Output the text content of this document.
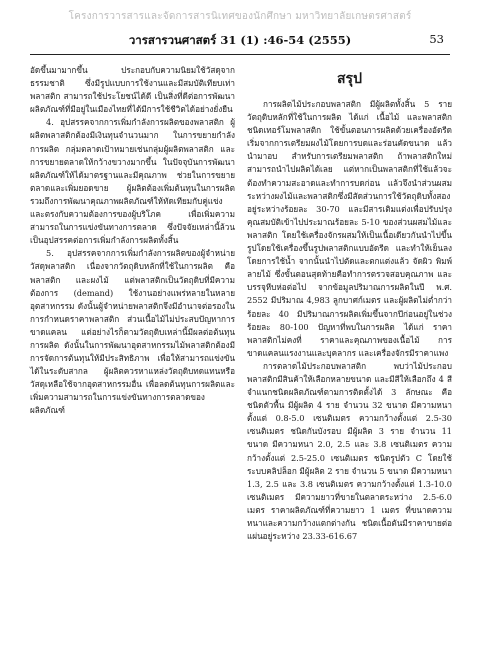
โครงการวารสารและจัดการสารนิเทศของนักศึกษา มหาวิทยาลัยเกษตรศาสตร์
วารสารวนศาสตร์ 31 (1) :46-54 (2555)	53

อัดขึ้นมามากขึ้น ประกอบกับความนิยมใช้วัสดุจากธรรมชาติ ซึ่งมีรูปแบบการใช้งานและมีสมบัติเทียบเท่าพลาสติก สามารถใช้ประโยชน์ได้ดี เป็นสิ่งที่ดีต่อการพัฒนาผลิตภัณฑ์ที่มีอยู่ในเมืองไทยที่ได้มีการใช้ชีวิตได้อย่างยั่งยืน

4. อุปสรรคจากการเพิ่มกำลังการผลิตของพลาสติก ผู้ผลิตพลาสติกต้องมีเงินทุนจำนวนมาก ในการขยายกำลังการผลิต กลุ่มตลาดเป้าหมายเช่นกลุ่มผู้ผลิตพลาสติก และการขยายตลาดให้กว้างขวางมากขึ้น ในปัจจุบันการพัฒนาผลิตภัณฑ์ให้ได้มาตรฐานและมีคุณภาพ ช่วยในการขยายตลาดและเพิ่มยอดขาย ผู้ผลิตต้องเพิ่มต้นทุนในการผลิต รวมถึงการพัฒนาคุณภาพผลิตภัณฑ์ให้ทัดเทียมกับคู่แข่งและตรงกับความต้องการของผู้บริโภค เพื่อเพิ่มความสามารถในการแข่งขันทางการตลาด ซึ่งปัจจัยเหล่านี้ล้วนเป็นอุปสรรคต่อการเพิ่มกำลังการผลิตทั้งสิ้น

5. อุปสรรคจากการเพิ่มกำลังการผลิตของผู้จำหน่ายวัสดุพลาสติก เนื่องจากวัตถุดิบหลักที่ใช้ในการผลิต คือ พลาสติก และผงไม้ แต่พลาสติกเป็นวัตถุดิบที่มีความต้องการ (demand) ใช้งานอย่างแพร่หลายในหลายอุตสาหกรรม ดังนั้นผู้จำหน่ายพลาสติกจึงมีอำนาจต่อรองในการกำหนดราคาพลาสติก ส่วนเนื้อไม้ไม่ประสบปัญหาการขาดแคลน แต่อย่างไรก็ตามวัตถุดิบเหล่านี้มีผลต่อต้นทุนการผลิต ดังนั้นในการพัฒนาอุตสาหกรรมไม้พลาสติกต้องมีการจัดการต้นทุนให้มีประสิทธิภาพ เพื่อให้สามารถแข่งขันได้ในระดับสากล ผู้ผลิตควรหาแหล่งวัตถุดิบทดแทนหรือวัสดุเหลือใช้จากอุตสาหกรรมอื่น เพื่อลดต้นทุนการผลิตและเพิ่มความสามารถในการแข่งขันทางการตลาดของผลิตภัณฑ์

สรุป

การผลิตไม้ประกอบพลาสติก มีผู้ผลิตทั้งสิ้น 5 ราย วัตถุดิบหลักที่ใช้ในการผลิต ได้แก่ เนื้อไม้ และพลาสติกชนิดเทอร์โมพลาสติก ใช้ขั้นตอนการผลิตด้วยเครื่องอัดรีด เริ่มจากการเตรียมผงไม้โดยการบดและร่อนคัดขนาด แล้วนำมาอบ สำหรับการเตรียมพลาสติก ถ้าพลาสติกใหม่สามารถนำไปผลิตได้เลย แต่หากเป็นพลาสติกที่ใช้แล้วจะต้องทำความสะอาดและทำการบดก่อน แล้วจึงนำส่วนผสมระหว่างผงไม้และพลาสติกซึ่งมีสัดส่วนการใช้วัตถุดิบทั้งสองอยู่ระหว่างร้อยละ 30-70 และมีสารเติมแต่งเพื่อปรับปรุงคุณสมบัติเข้าไปประมาณร้อยละ 5-10 ของส่วนผสมไม้และพลาสติก โดยใช้เครื่องจักรผสมให้เป็นเนื้อเดียวกันนำไปขึ้นรูปโดยใช้เครื่องขึ้นรูปพลาสติกแบบอัดรีด และทำให้เย็นลงโดยการใช้น้ำ จากนั้นนำไปตัดและตกแต่งแล้ว จัดผิว พิมพ์ลายไม้ ซึ่งขั้นตอนสุดท้ายคือทำการตรวจสอบคุณภาพ และบรรจุหีบห่อต่อไป จากข้อมูลปริมาณการผลิตในปี พ.ศ. 2552 มีปริมาณ 4,983 ลูกบาศก์เมตร และผู้ผลิตไม่ต่ำกว่าร้อยละ 40 มีปริมาณการผลิตเพิ่มขึ้นจากปีก่อนอยู่ในช่วงร้อยละ 80-100 ปัญหาที่พบในการผลิต ได้แก่ ราคาพลาสติกไม่คงที่ ราคาและคุณภาพของเนื้อไม้ การขาดแคลนแรงงานและบุคลากร และเครื่องจักรมีราคาแพง

การตลาดไม้ประกอบพลาสติก พบว่าไม้ประกอบพลาสติกมีสินค้าให้เลือกหลายขนาด และมีสีให้เลือกถึง 4 สี จำแนกชนิดผลิตภัณฑ์ตามการติดตั้งได้ 3 ลักษณะ คือ ชนิดตัวพื้น มีผู้ผลิต 4 ราย จำนวน 32 ขนาด มีความหนาตั้งแต่ 0.8-5.0 เซนติเมตร ความกว้างตั้งแต่ 2.5-30 เซนติเมตร ชนิดกันบังรอบ มีผู้ผลิต 3 ราย จำนวน 11 ขนาด มีความหนา 2.0, 2.5 และ 3.8 เซนติเมตร ความกว้างตั้งแต่ 2.5-25.0 เซนติเมตร ชนิดรูปตัว C โดยใช้ระบบคลิปล็อก มีผู้ผลิต 2 ราย จำนวน 5 ขนาด มีความหนา 1.3, 2.5 และ 3.8 เซนติเมตร ความกว้างตั้งแต่ 1.3-10.0 เซนติเมตร มีความยาวที่ขายในตลาดระหว่าง 2.5-6.0 เมตร ราคาผลิตภัณฑ์ที่ความยาว 1 เมตร ที่ขนาดความหนาและความกว้างแตกต่างกัน ชนิดเนื้อตันมีราคาขายต่อแผ่นอยู่ระหว่าง 23.33-616.67
